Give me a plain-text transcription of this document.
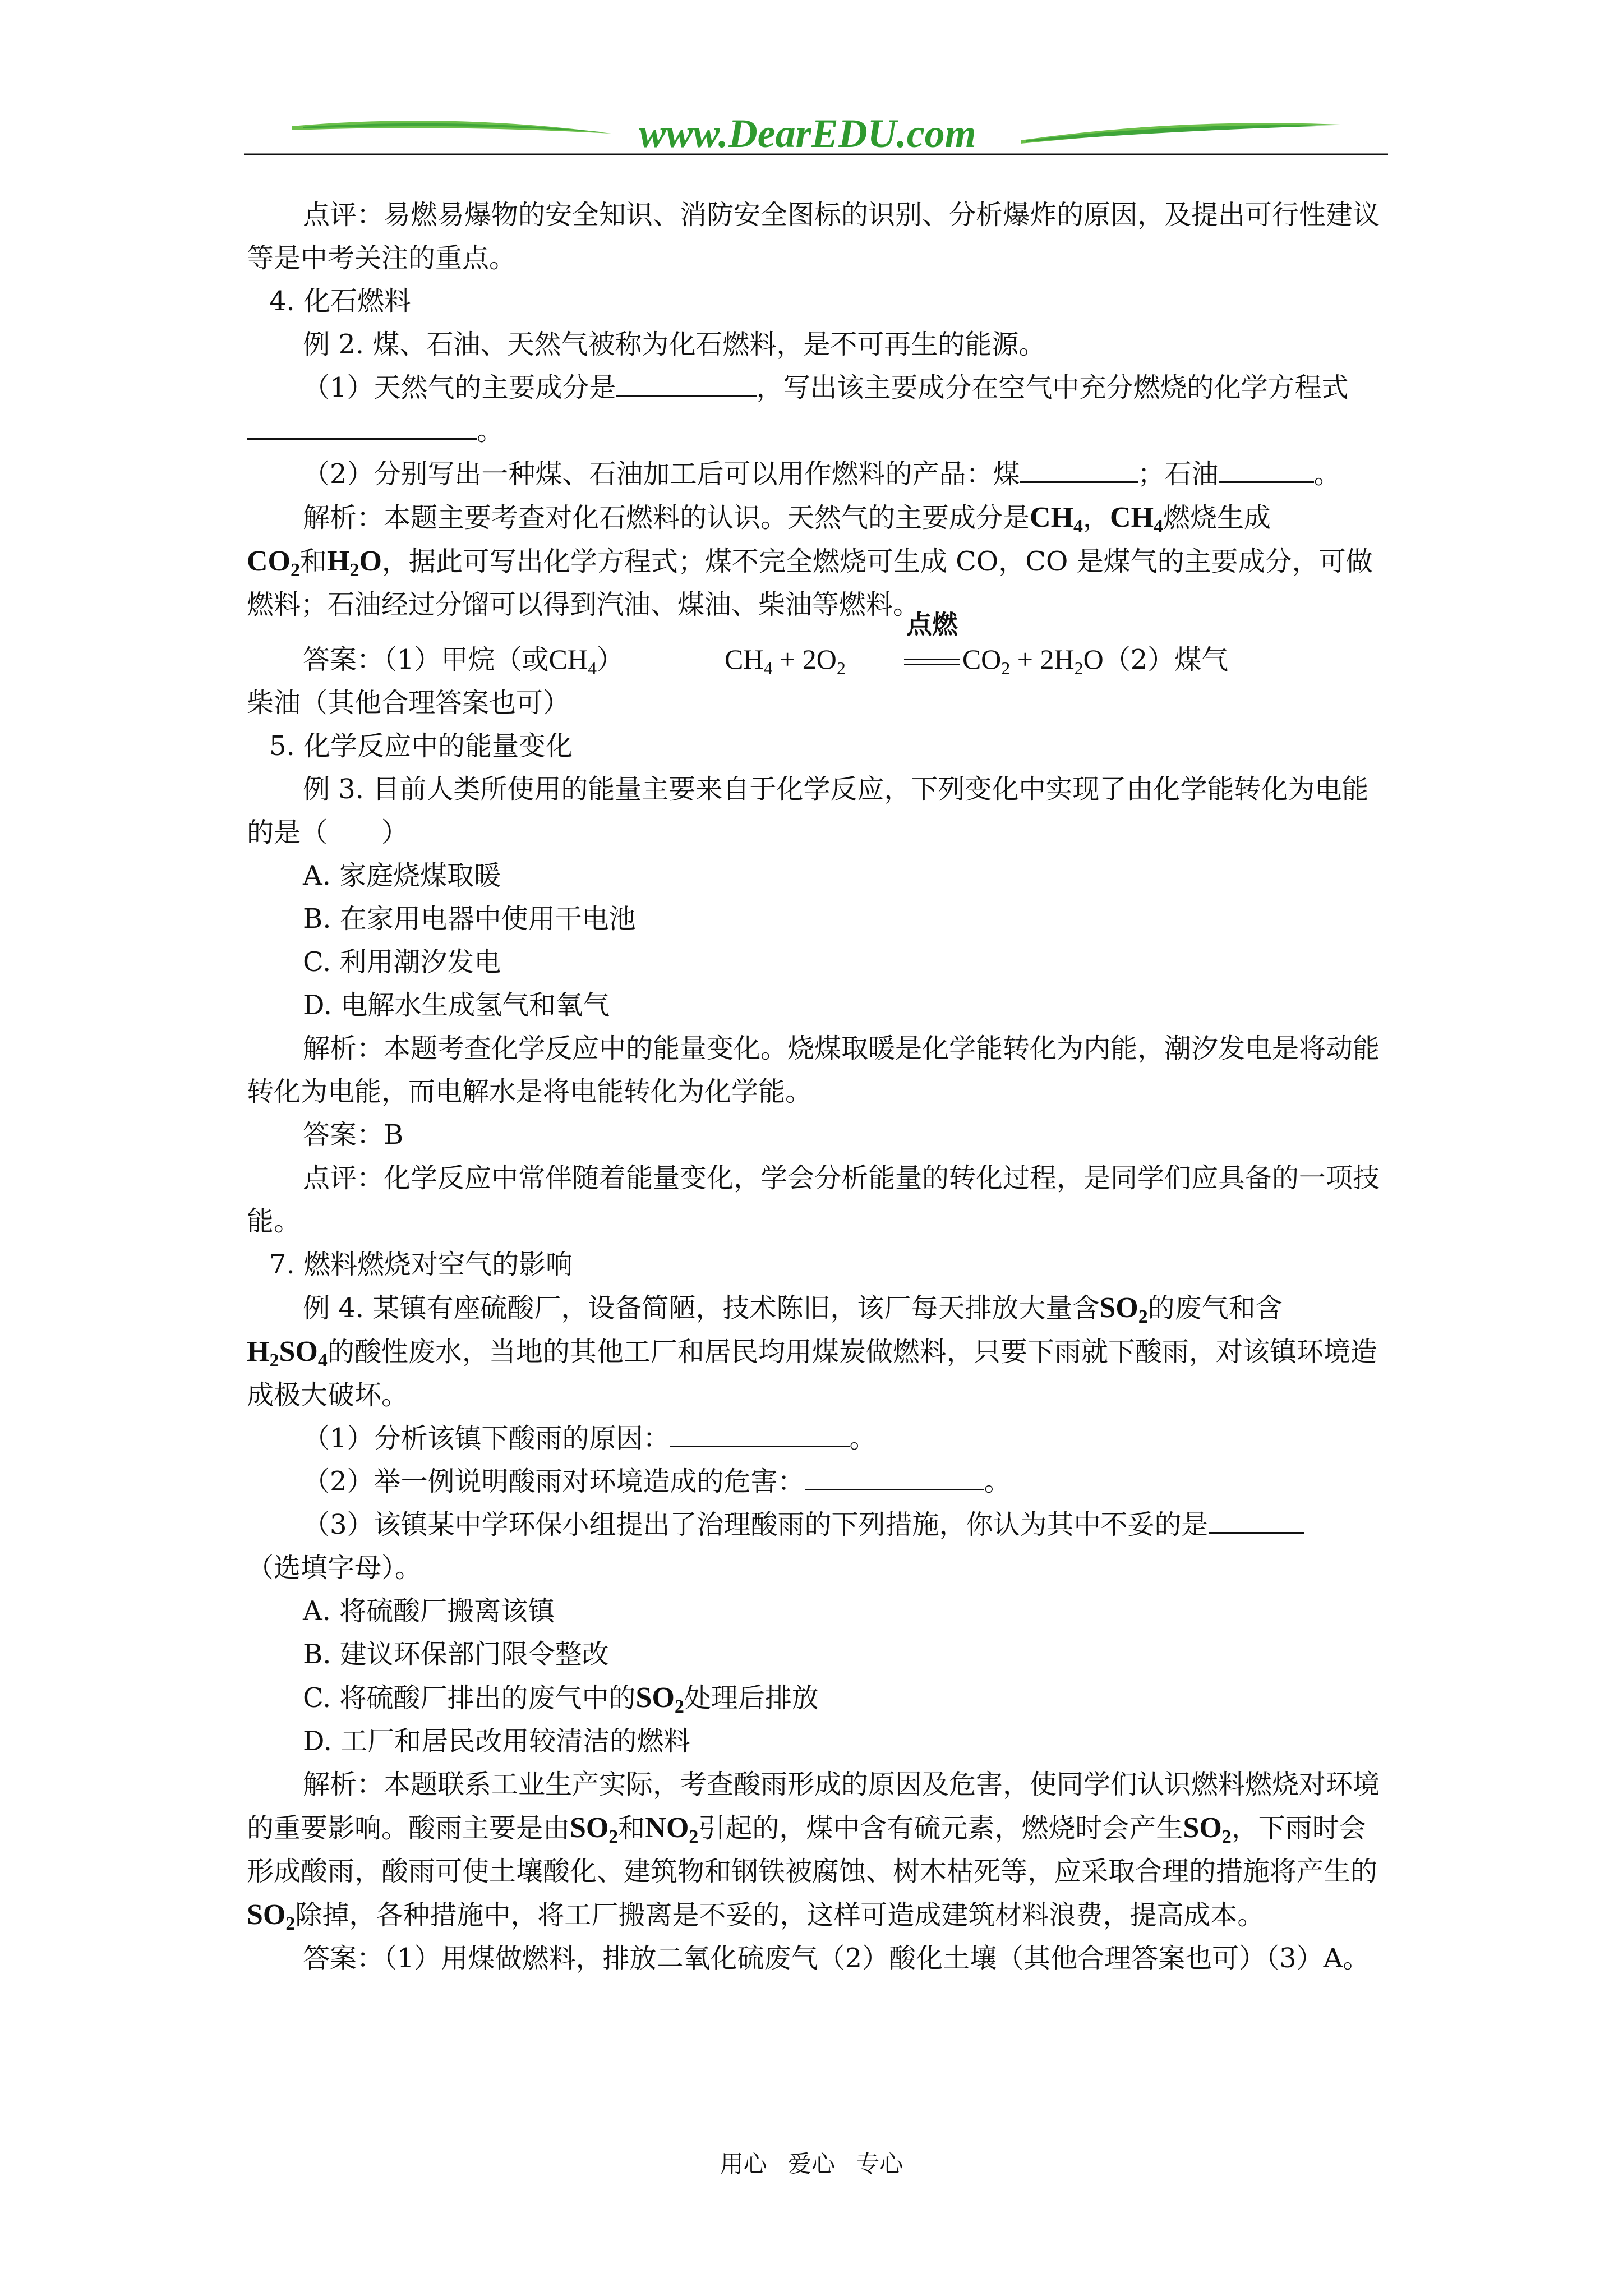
www.DearEDU.com

点评：易燃易爆物的安全知识、消防安全图标的识别、分析爆炸的原因，及提出可行性建议等是中考关注的重点。

4. 化石燃料

例 2. 煤、石油、天然气被称为化石燃料，是不可再生的能源。

（1）天然气的主要成分是	，写出该主要成分在空气中充分燃烧的化学方程式。

（2）分别写出一种煤、石油加工后可以用作燃料的产品：煤	；石油	。

解析：本题主要考查对化石燃料的认识。天然气的主要成分是$CH_4$，$CH_4$燃烧生成
$CO_2$和$H_2O$，据此可写出化学方程式；煤不完全燃烧可生成 CO，CO 是煤气的主要成分，可做燃料；石油经过分馏可以得到汽油、煤油、柴油等燃料。

答案：（1）甲烷（或$CH_4$）	$CH_4 + 2O_2$
点燃
$CO_2 + 2H_2O(2)$煤气柴油（其他合理答案也可）

5. 化学反应中的能量变化

例 3. 目前人类所使用的能量主要来自于化学反应，下列变化中实现了由化学能转化为电能的是（　　）

A. 家庭烧煤取暖

B. 在家用电器中使用干电池

C. 利用潮汐发电

D. 电解水生成氢气和氧气

解析：本题考查化学反应中的能量变化。烧煤取暖是化学能转化为内能，潮汐发电是将动能转化为电能，而电解水是将电能转化为化学能。

答案：B

点评：化学反应中常伴随着能量变化，学会分析能量的转化过程，是同学们应具备的一项技能。

7. 燃料燃烧对空气的影响

例 4. 某镇有座硫酸厂，设备简陋，技术陈旧，该厂每天排放大量含$SO_2$的废气和含
$H_2SO_4$的酸性废水，当地的其他工厂和居民均用煤炭做燃料，只要下雨就下酸雨，对该镇环境造成极大破坏。

（1）分析该镇下酸雨的原因：	。

（2）举一例说明酸雨对环境造成的危害：	。

（3）该镇某中学环保小组提出了治理酸雨的下列措施，你认为其中不妥的是
（选填字母）。

A. 将硫酸厂搬离该镇

B. 建议环保部门限令整改

C. 将硫酸厂排出的废气中的$SO_2$处理后排放

D. 工厂和居民改用较清洁的燃料

解析：本题联系工业生产实际，考查酸雨形成的原因及危害，使同学们认识燃料燃烧对环境的重要影响。酸雨主要是由$SO_2$和$NO_2$引起的，煤中含有硫元素，燃烧时会产生$SO_2$，下雨时会形成酸雨，酸雨可使土壤酸化、建筑物和钢铁被腐蚀、树木枯死等，应采取合理的措施将产生的$SO_2$除掉，各种措施中，将工厂搬离是不妥的，这样可造成建筑材料浪费，提高成本。

答案：（1）用煤做燃料，排放二氧化硫废气（2）酸化土壤（其他合理答案也可）（3）A。

用心 爱心 专心
